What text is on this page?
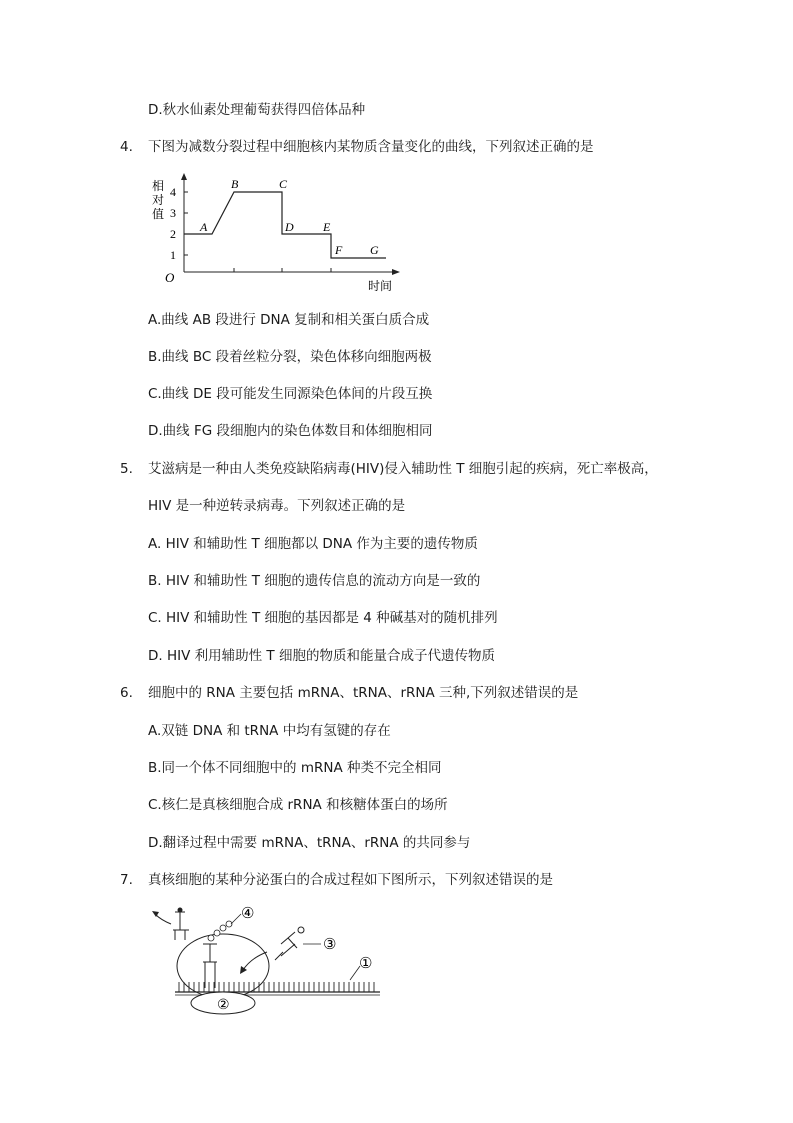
D.秋水仙素处理葡萄获得四倍体品种
4. 下图为减数分裂过程中细胞核内某物质含量变化的曲线，下列叙述正确的是
相
对
值
4
3
2
1
O
A
B	C
D E
F G
时间
A.曲线 AB 段进行 DNA 复制和相关蛋白质合成
B.曲线 BC 段着丝粒分裂，染色体移向细胞两极
C.曲线 DE 段可能发生同源染色体间的片段互换
D.曲线 FG 段细胞内的染色体数目和体细胞相同
5. 艾滋病是一种由人类免疫缺陷病毒(HIV)侵入辅助性 T 细胞引起的疾病，死亡率极高，
HIV 是一种逆转录病毒。下列叙述正确的是
A. HIV 和辅助性 T 细胞都以 DNA 作为主要的遗传物质
B. HIV 和辅助性 T 细胞的遗传信息的流动方向是一致的
C. HIV 和辅助性 T 细胞的基因都是 4 种碱基对的随机排列
D. HIV 利用辅助性 T 细胞的物质和能量合成子代遗传物质
6. 细胞中的 RNA 主要包括 mRNA、tRNA、rRNA 三种,下列叙述错误的是
A.双链 DNA 和 tRNA 中均有氢键的存在
B.同一个体不同细胞中的 mRNA 种类不完全相同
C.核仁是真核细胞合成 rRNA 和核糖体蛋白的场所
D.翻译过程中需要 mRNA、tRNA、rRNA 的共同参与
7. 真核细胞的某种分泌蛋白的合成过程如下图所示，下列叙述错误的是
④
③
①
②
